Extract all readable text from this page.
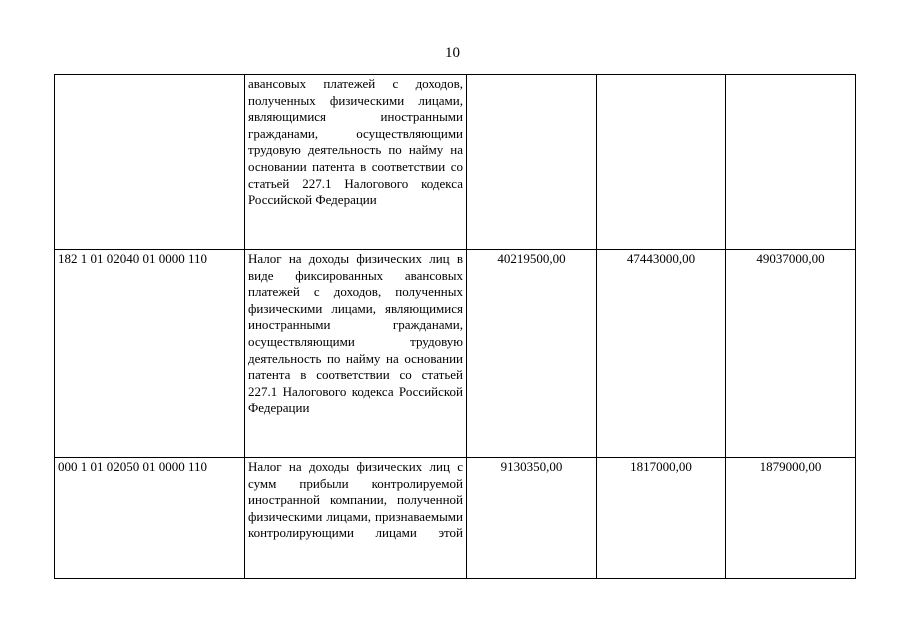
10
	авансовых платежей с доходов, полученных физическими лицами, являющимися иностранными гражданами, осуществляющими трудовую деятельность по найму на основании патента в соответствии со статьей 227.1 Налогового кодекса Российской Федерации			
182 1 01 02040 01 0000 110	Налог на доходы физических лиц в виде фиксированных авансовых платежей с доходов, полученных физическими лицами, являющимися иностранными гражданами, осуществляющими трудовую деятельность по найму на основании патента в соответствии со статьей 227.1 Налогового кодекса Российской Федерации	40219500,00	47443000,00	49037000,00
000 1 01 02050 01 0000 110	Налог на доходы физических лиц с сумм прибыли контролируемой иностранной компании, полученной физическими лицами, признаваемыми контролирующими лицами этой	9130350,00	1817000,00	1879000,00
